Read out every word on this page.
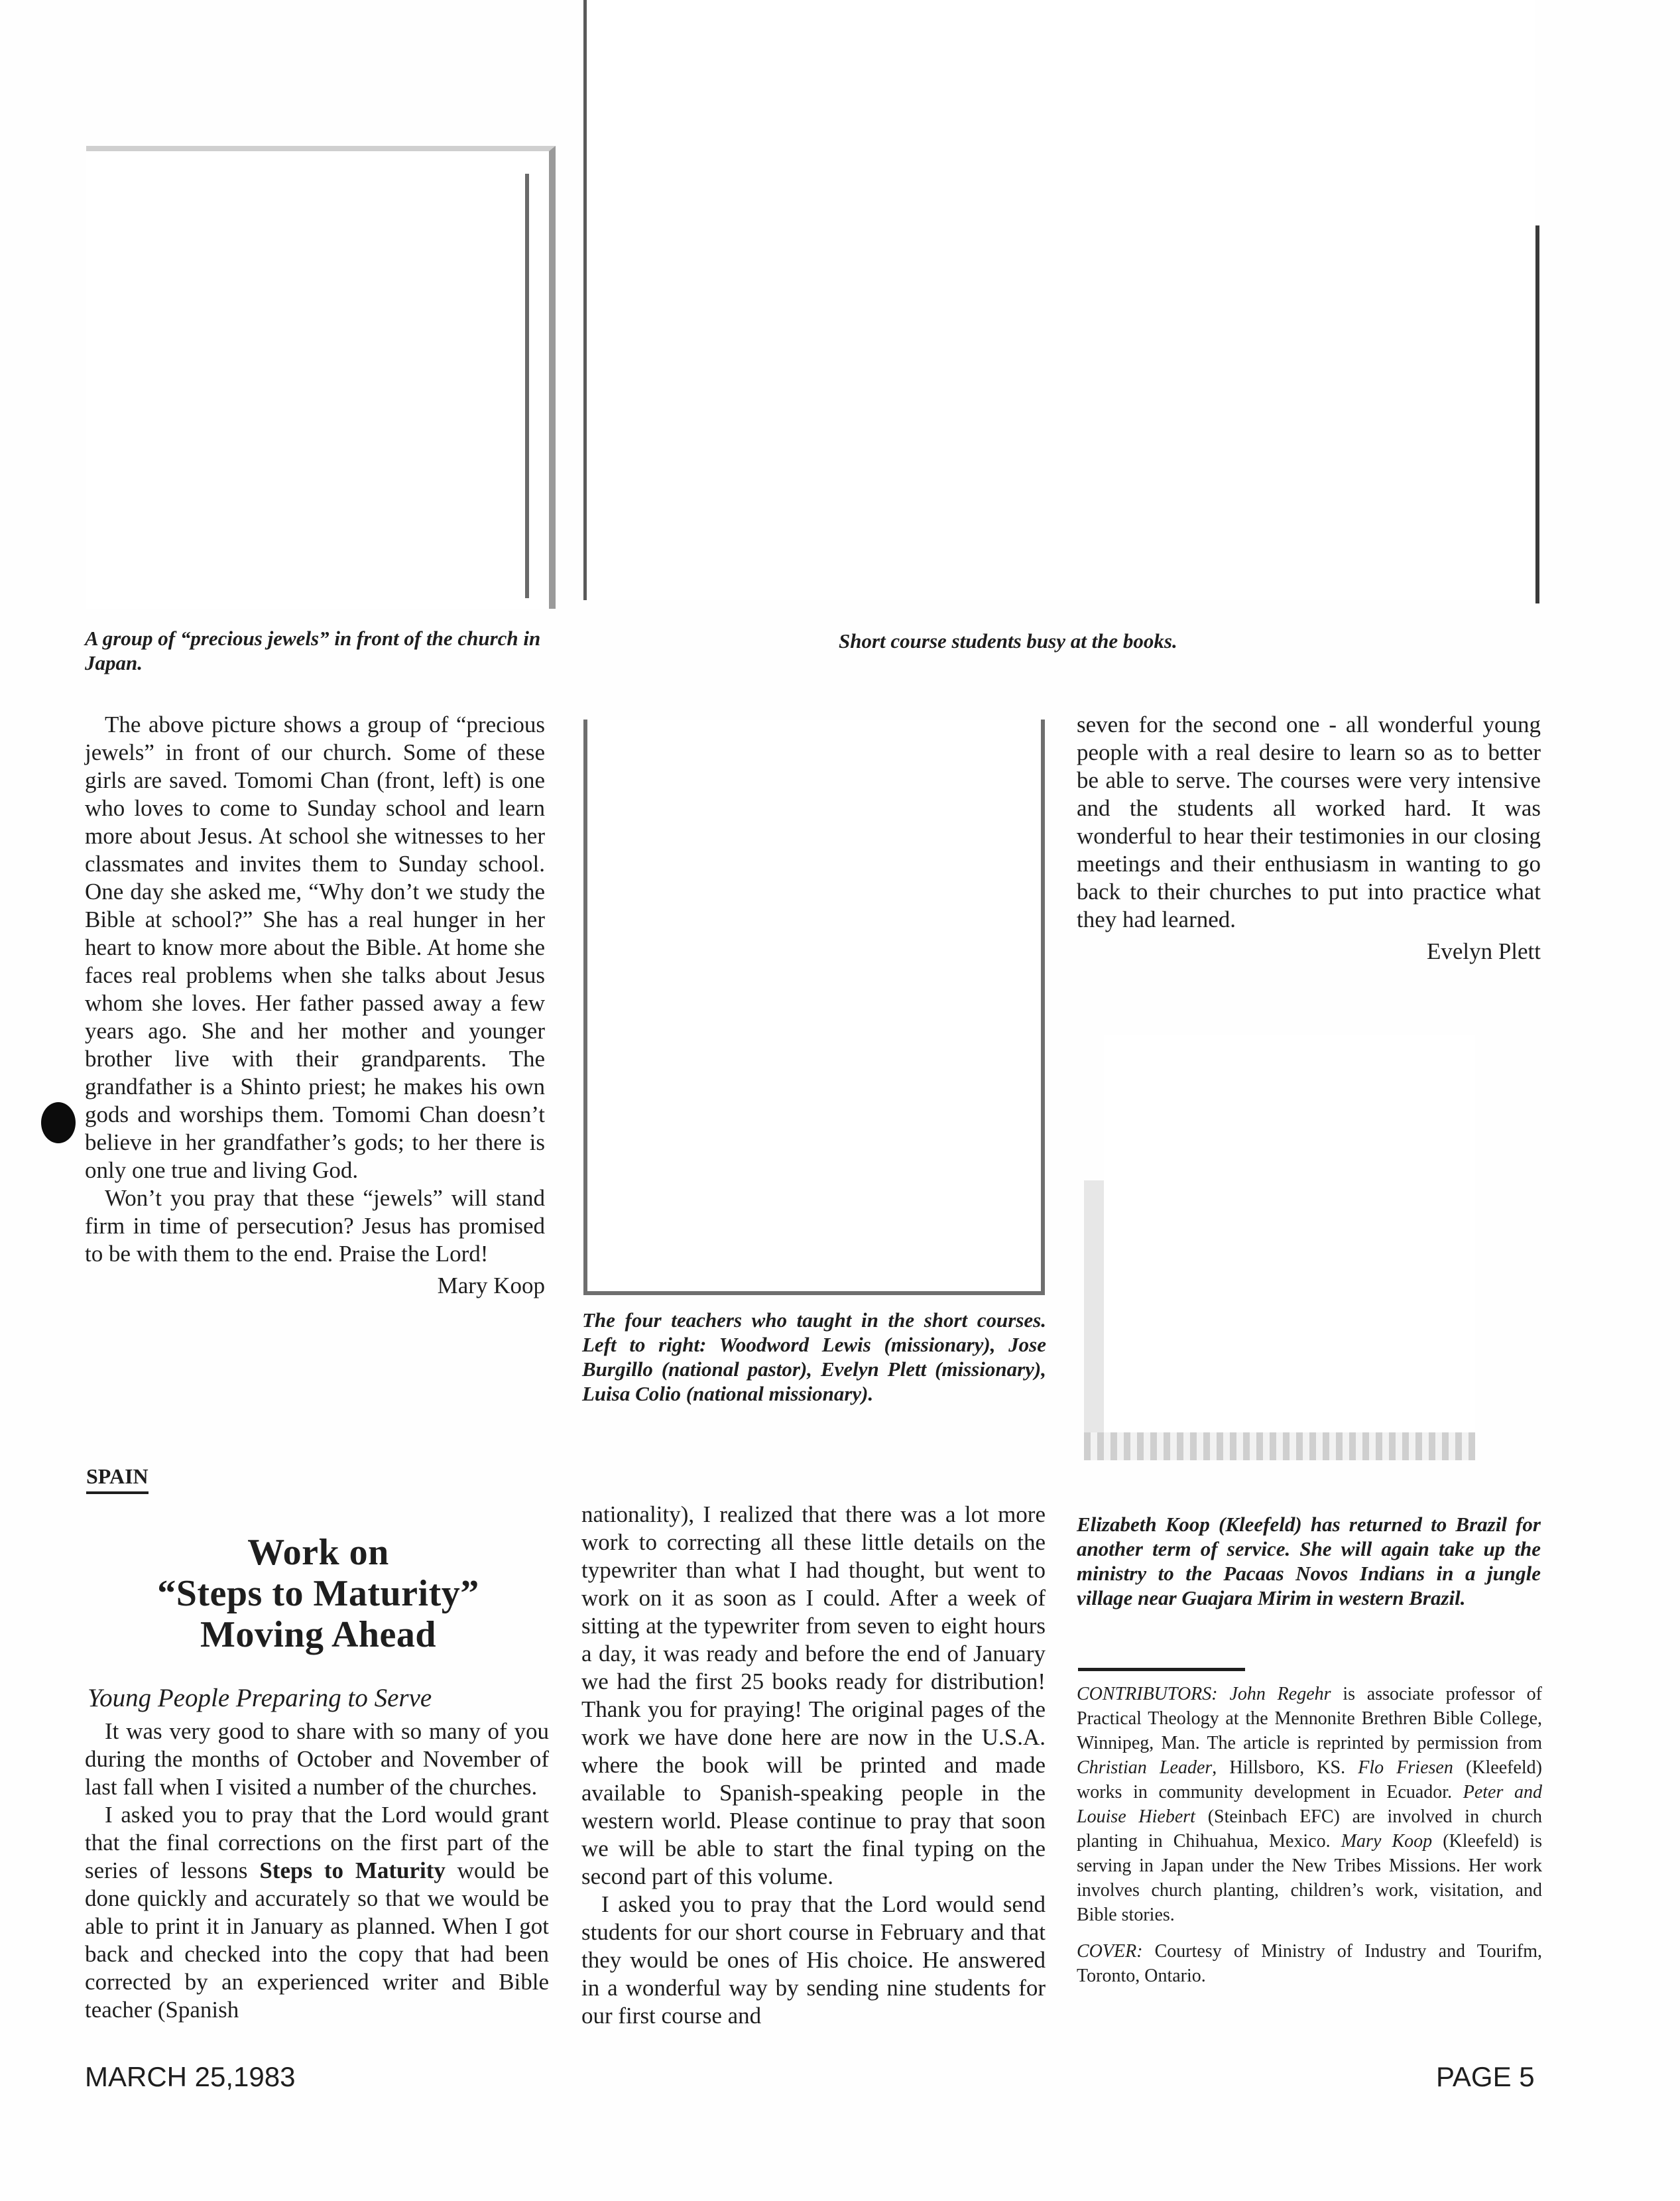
A group of “precious jewels” in front of the church in Japan.
Short course students busy at the books.
The four teachers who taught in the short courses. Left to right: Woodword Lewis (missionary), Jose Burgillo (national pastor), Evelyn Plett (missionary), Luisa Colio (national missionary).
Elizabeth Koop (Kleefeld) has returned to Brazil for another term of service. She will again take up the ministry to the Pacaas Novos Indians in a jungle village near Guajara Mirim in western Brazil.

The above picture shows a group of “precious jewels” in front of our church. Some of these girls are saved. Tomomi Chan (front, left) is one who loves to come to Sunday school and learn more about Jesus. At school she witnesses to her classmates and invites them to Sunday school. One day she asked me, “Why don’t we study the Bible at school?” She has a real hunger in her heart to know more about the Bible. At home she faces real problems when she talks about Jesus whom she loves. Her father passed away a few years ago. She and her mother and younger brother live with their grandparents. The grandfather is a Shinto priest; he makes his own gods and worships them. Tomomi Chan doesn’t believe in her grandfather’s gods; to her there is only one true and living God.

Won’t you pray that these “jewels” will stand firm in time of persecution? Jesus has promised to be with them to the end. Praise the Lord!

Mary Koop

seven for the second one - all wonderful young people with a real desire to learn so as to better be able to serve. The courses were very intensive and the students all worked hard. It was wonderful to hear their testimonies in our closing meetings and their enthusiasm in wanting to go back to their churches to put into practice what they had learned.

Evelyn Plett
SPAIN
Work on
“Steps to Maturity”
Moving Ahead
Young People Preparing to Serve

It was very good to share with so many of you during the months of October and November of last fall when I visited a number of the churches.

I asked you to pray that the Lord would grant that the final corrections on the first part of the series of lessons Steps to Maturity would be done quickly and accurately so that we would be able to print it in January as planned. When I got back and checked into the copy that had been corrected by an experienced writer and Bible teacher (Spanish

nationality), I realized that there was a lot more work to correcting all these little details on the typewriter than what I had thought, but went to work on it as soon as I could. After a week of sitting at the typewriter from seven to eight hours a day, it was ready and before the end of January we had the first 25 books ready for distribution! Thank you for praying! The original pages of the work we have done here are now in the U.S.A. where the book will be printed and made available to Spanish-speaking people in the western world. Please continue to pray that soon we will be able to start the final typing on the second part of this volume.

I asked you to pray that the Lord would send students for our short course in February and that they would be ones of His choice. He answered in a wonderful way by sending nine students for our first course and

CONTRIBUTORS: John Regehr is associate professor of Practical Theology at the Mennonite Brethren Bible College, Winnipeg, Man. The article is reprinted by permission from Christian Leader, Hillsboro, KS. Flo Friesen (Kleefeld) works in community development in Ecuador. Peter and Louise Hiebert (Steinbach EFC) are involved in church planting in Chihuahua, Mexico. Mary Koop (Kleefeld) is serving in Japan under the New Tribes Missions. Her work involves church planting, children’s work, visitation, and Bible stories.

COVER: Courtesy of Ministry of Industry and Tourifm, Toronto, Ontario.

MARCH 25,1983	PAGE 5
